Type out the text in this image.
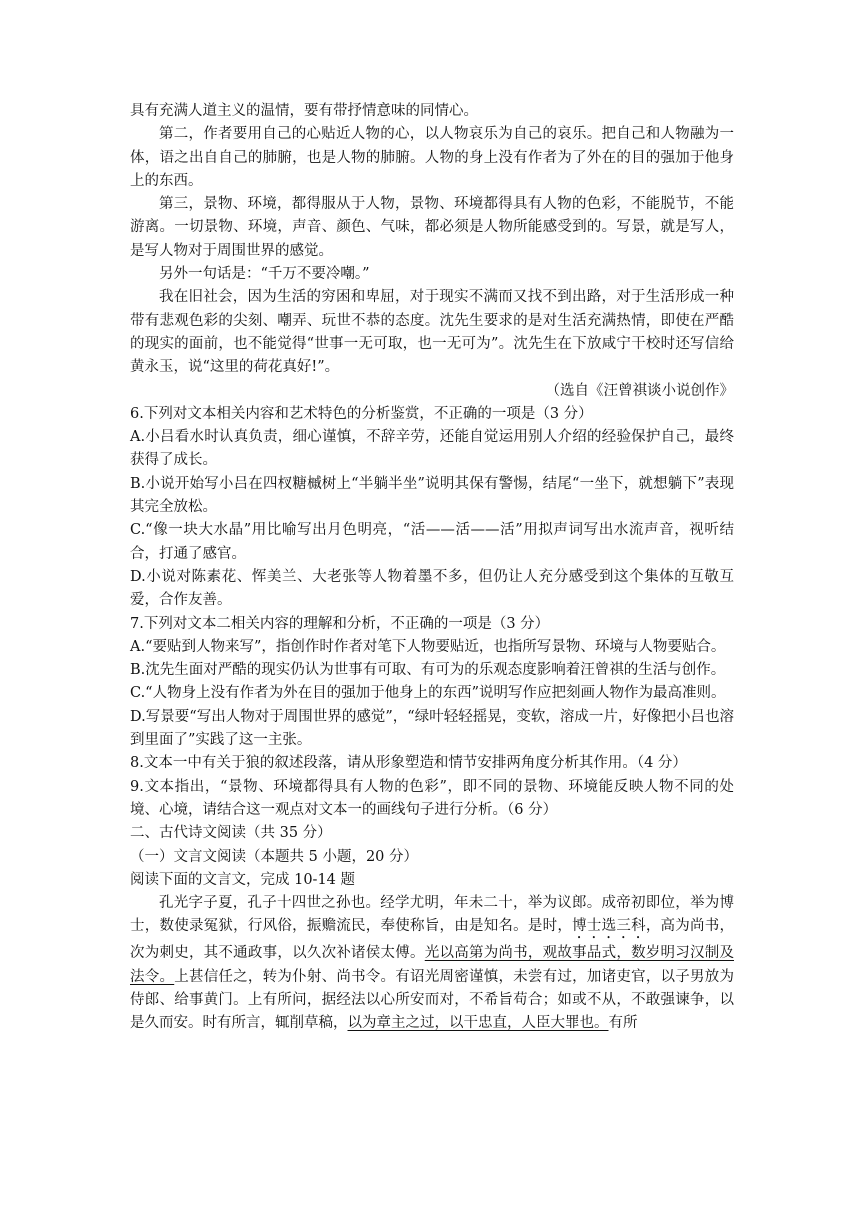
具有充满人道主义的温情，要有带抒情意味的同情心。

第二，作者要用自己的心贴近人物的心，以人物哀乐为自己的哀乐。把自己和人物融为一体，语之出自自己的肺腑，也是人物的肺腑。人物的身上没有作者为了外在的目的强加于他身上的东西。

第三，景物、环境，都得服从于人物，景物、环境都得具有人物的色彩，不能脱节，不能游离。一切景物、环境，声音、颜色、气味，都必须是人物所能感受到的。写景，就是写人，是写人物对于周围世界的感觉。

另外一句话是：“千万不要冷嘲。”

我在旧社会，因为生活的穷困和卑屈，对于现实不满而又找不到出路，对于生活形成一种带有悲观色彩的尖刻、嘲弄、玩世不恭的态度。沈先生要求的是对生活充满热情，即使在严酷的现实的面前，也不能觉得“世事一无可取，也一无可为”。沈先生在下放咸宁干校时还写信给黄永玉，说“这里的荷花真好!”。

（选自《汪曾祺谈小说创作》

6.下列对文本相关内容和艺术特色的分析鉴赏，不正确的一项是（3 分）

A.小吕看水时认真负责，细心谨慎，不辞辛劳，还能自觉运用别人介绍的经验保护自己，最终获得了成长。

B.小说开始写小吕在四杈糖槭树上“半躺半坐”说明其保有警惕，结尾“一坐下，就想躺下”表现其完全放松。

C.“像一块大水晶”用比喻写出月色明亮，“活——活——活”用拟声词写出水流声音，视听结合，打通了感官。

D.小说对陈素花、恽美兰、大老张等人物着墨不多，但仍让人充分感受到这个集体的互敬互爱，合作友善。

7.下列对文本二相关内容的理解和分析，不正确的一项是（3 分）

A.“要贴到人物来写”，指创作时作者对笔下人物要贴近，也指所写景物、环境与人物要贴合。

B.沈先生面对严酷的现实仍认为世事有可取、有可为的乐观态度影响着汪曾祺的生活与创作。

C.“人物身上没有作者为外在目的强加于他身上的东西”说明写作应把刻画人物作为最高准则。

D.写景要“写出人物对于周围世界的感觉”，“绿叶轻轻摇晃，变软，溶成一片，好像把小吕也溶到里面了”实践了这一主张。

8.文本一中有关于狼的叙述段落，请从形象塑造和情节安排两角度分析其作用。（4 分）

9.文本指出，“景物、环境都得具有人物的色彩”，即不同的景物、环境能反映人物不同的处境、心境，请结合这一观点对文本一的画线句子进行分析。（6 分）

二、古代诗文阅读（共 35 分）

（一）文言文阅读（本题共 5 小题，20 分）

阅读下面的文言文，完成 10-14 题

孔光字子夏，孔子十四世之孙也。经学尤明，年未二十，举为议郎。成帝初即位，举为博士，数使录冤狱，行风俗，振赡流民，奉使称旨，由是知名。是时，博士选三科，高为尚书，次为刺史，其不通政事，以久次补诸侯太傅。光以高第为尚书，观故事品式，数岁明习汉制及法令。上甚信任之，转为仆射、尚书令。有诏光周密谨慎，未尝有过，加诸吏官，以子男放为侍郎、给事黄门。上有所问，据经法以心所安而对，不希旨苟合；如或不从，不敢强谏争，以是久而安。时有所言，辄削草稿，以为章主之过，以干忠直，人臣大罪也。有所
